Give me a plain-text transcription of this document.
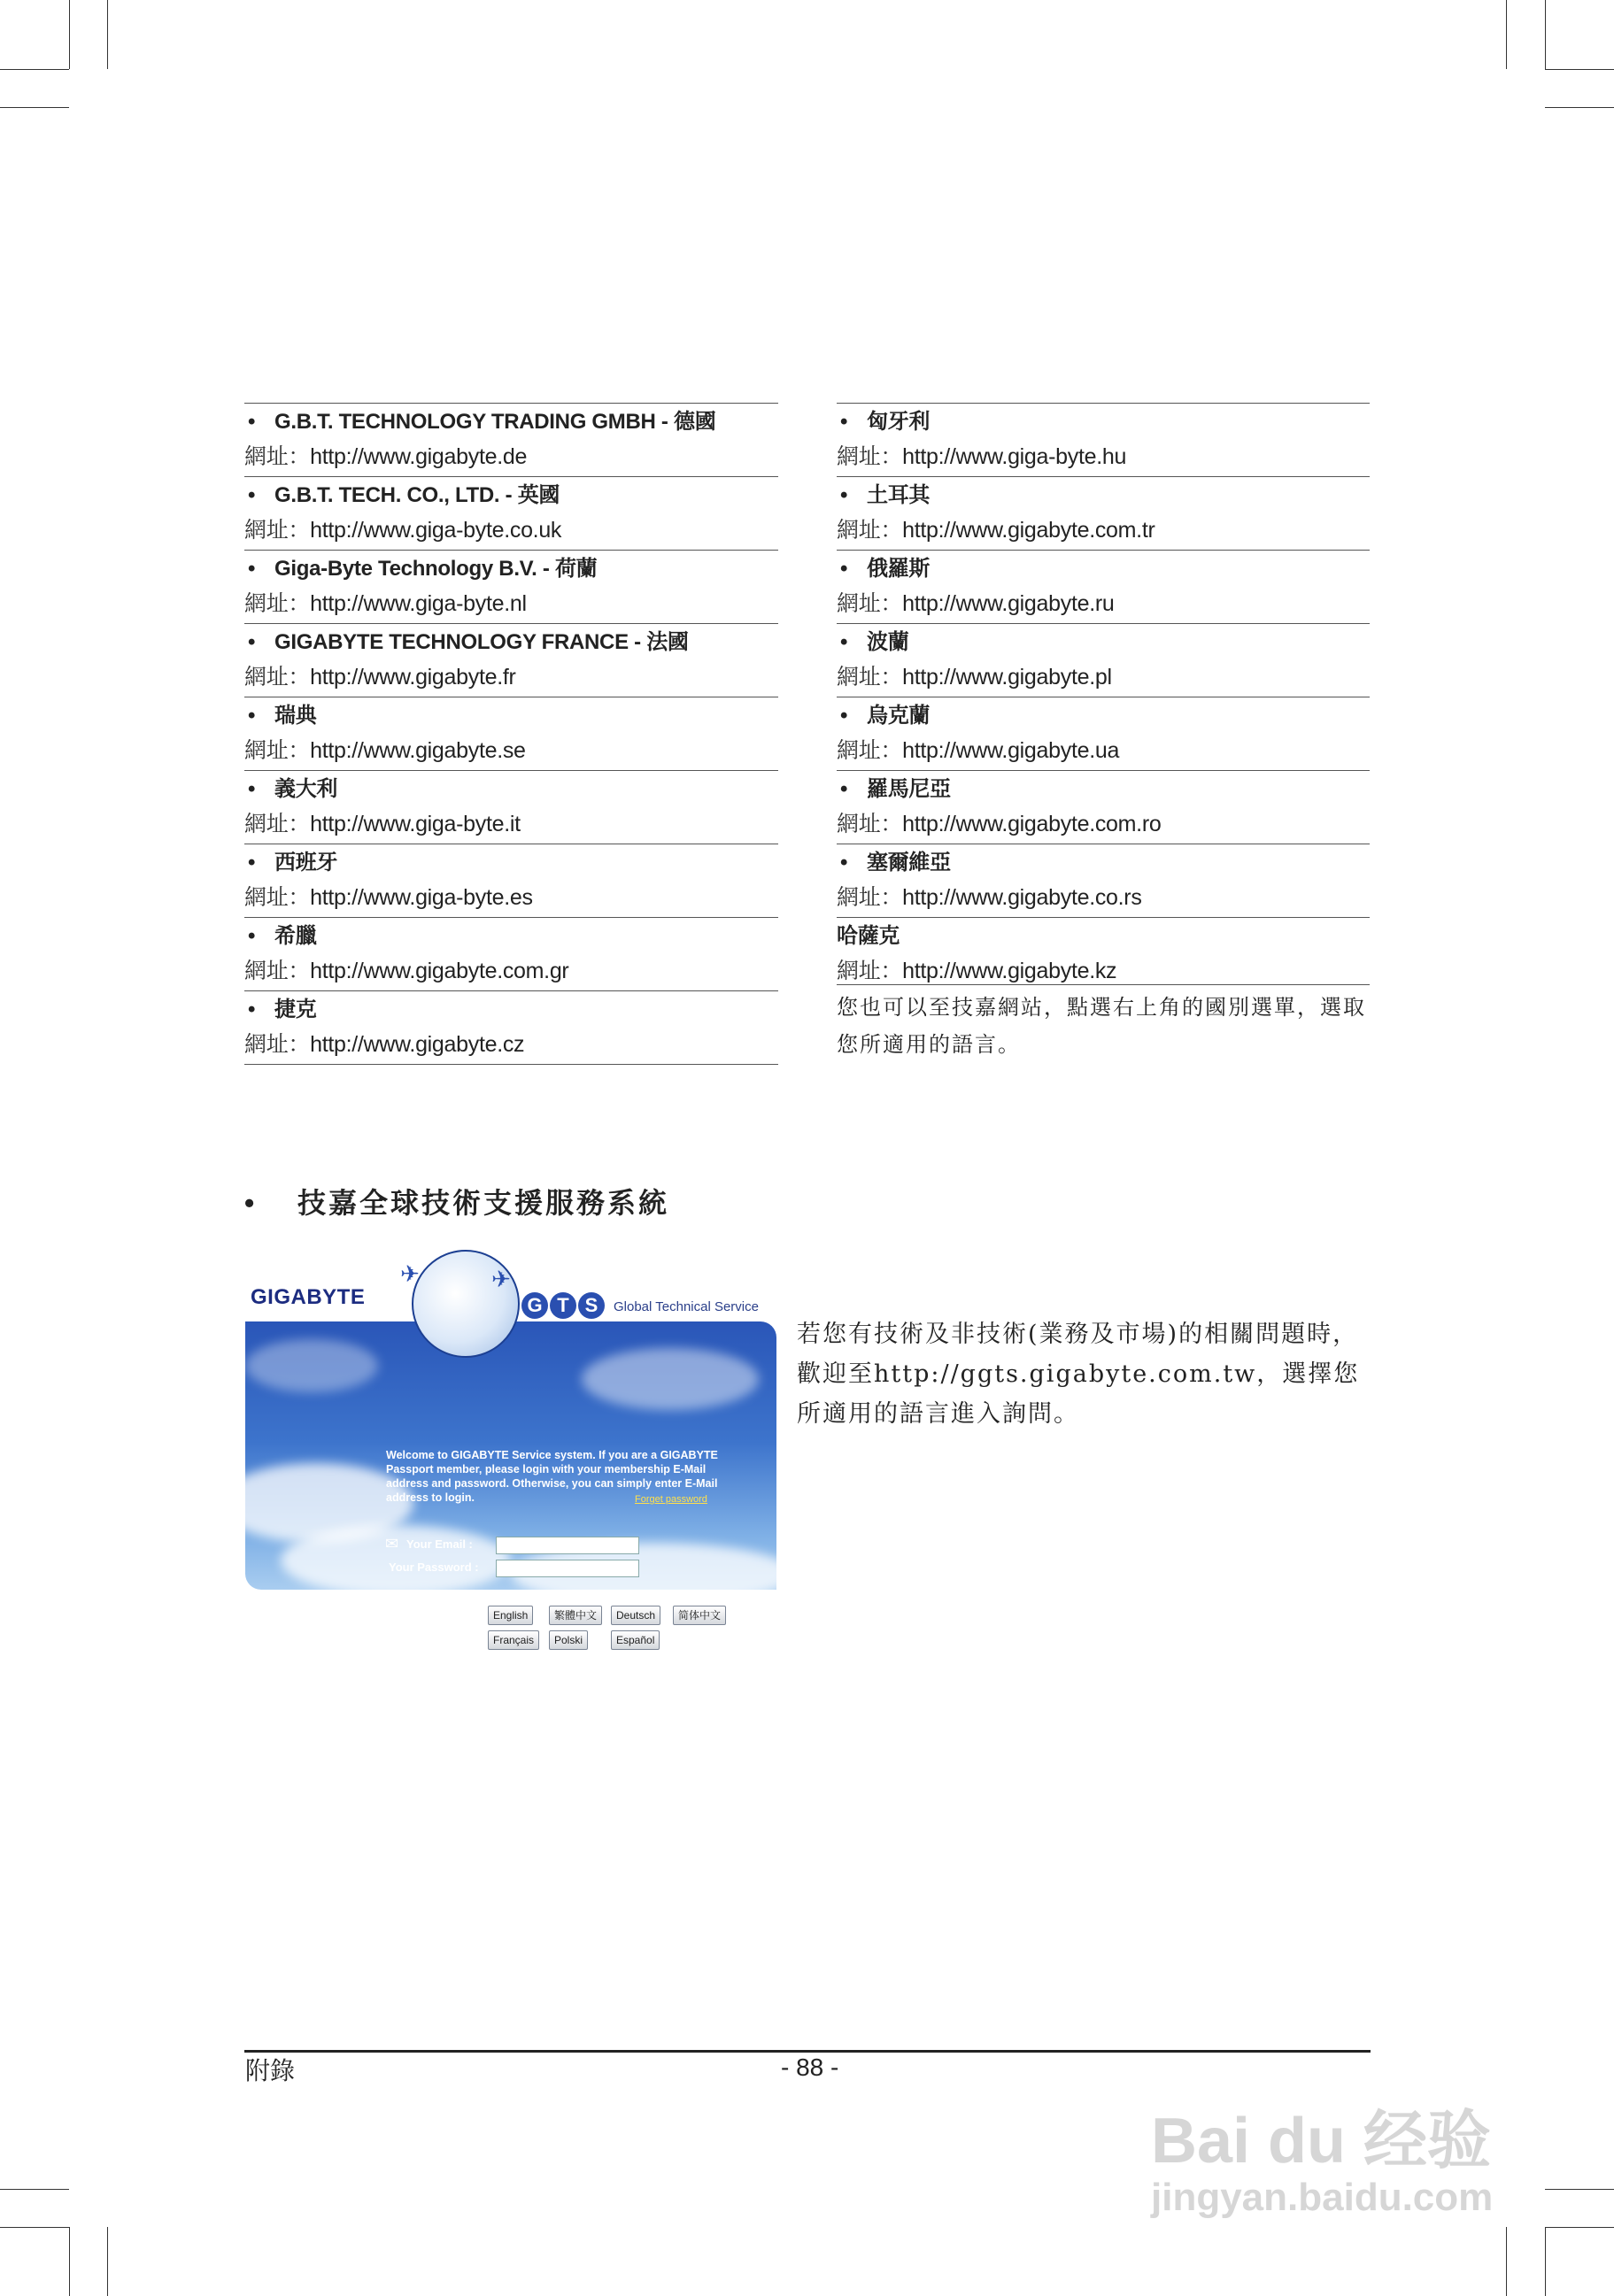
• G.B.T. TECHNOLOGY TRADING GMBH - 德國
網址：http://www.gigabyte.de
• G.B.T. TECH. CO., LTD. - 英國
網址：http://www.giga-byte.co.uk
• Giga-Byte Technology B.V. - 荷蘭
網址：http://www.giga-byte.nl
• GIGABYTE TECHNOLOGY FRANCE - 法國
網址：http://www.gigabyte.fr
• 瑞典
網址：http://www.gigabyte.se
• 義大利
網址：http://www.giga-byte.it
• 西班牙
網址：http://www.giga-byte.es
• 希臘
網址：http://www.gigabyte.com.gr
• 捷克
網址：http://www.gigabyte.cz
• 匈牙利
網址：http://www.giga-byte.hu
• 土耳其
網址：http://www.gigabyte.com.tr
• 俄羅斯
網址：http://www.gigabyte.ru
• 波蘭
網址：http://www.gigabyte.pl
• 烏克蘭
網址：http://www.gigabyte.ua
• 羅馬尼亞
網址：http://www.gigabyte.com.ro
• 塞爾維亞
網址：http://www.gigabyte.co.rs
哈薩克
網址：http://www.gigabyte.kz
您也可以至技嘉網站，點選右上角的國別選單，選取您所適用的語言。
• 技嘉全球技術支援服務系統
GIGABYTE
Welcome to GIGABYTE Service system. If you are a GIGABYTE Passport member, please login with your membership E-Mail address and password. Otherwise, you can simply enter E-Mail address to login.
✉ Your Email :
Your Password :
Forget password
English	繁體中文	Deutsch	简体中文
Français	Polski	Español
✈	✈
G T S	Global Technical Service
若您有技術及非技術(業務及市場)的相關問題時，歡迎至http://ggts.gigabyte.com.tw，選擇您所適用的語言進入詢問。
附錄	- 88 -
Bai du 经验
jingyan.baidu.com
